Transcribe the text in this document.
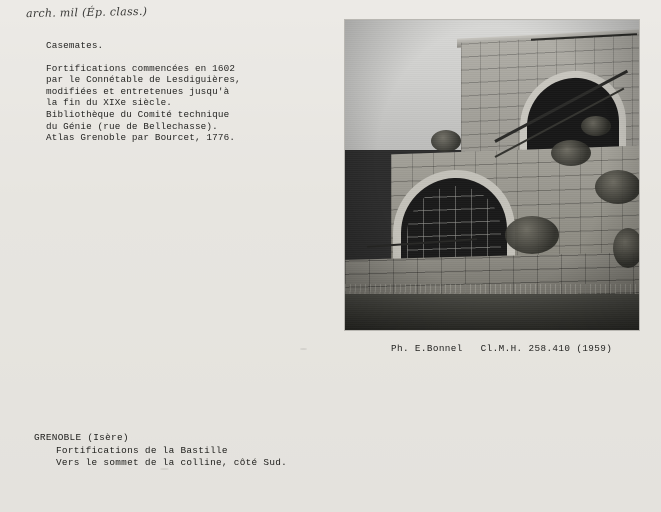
arch. mil (Ép. class.)
Casemates.
Fortifications commencées en 1602
par le Connétable de Lesdiguières,
modifiées et entretenues jusqu'à
la fin du XIXe siècle.
Bibliothèque du Comité technique
du Génie (rue de Bellechasse).
Atlas Grenoble par Bourcet, 1776.
Ph. E.Bonnel   Cl.M.H. 258.410 (1959)
GRENOBLE (Isère)
Fortifications de la Bastille
Vers le sommet de la colline, côté Sud.
